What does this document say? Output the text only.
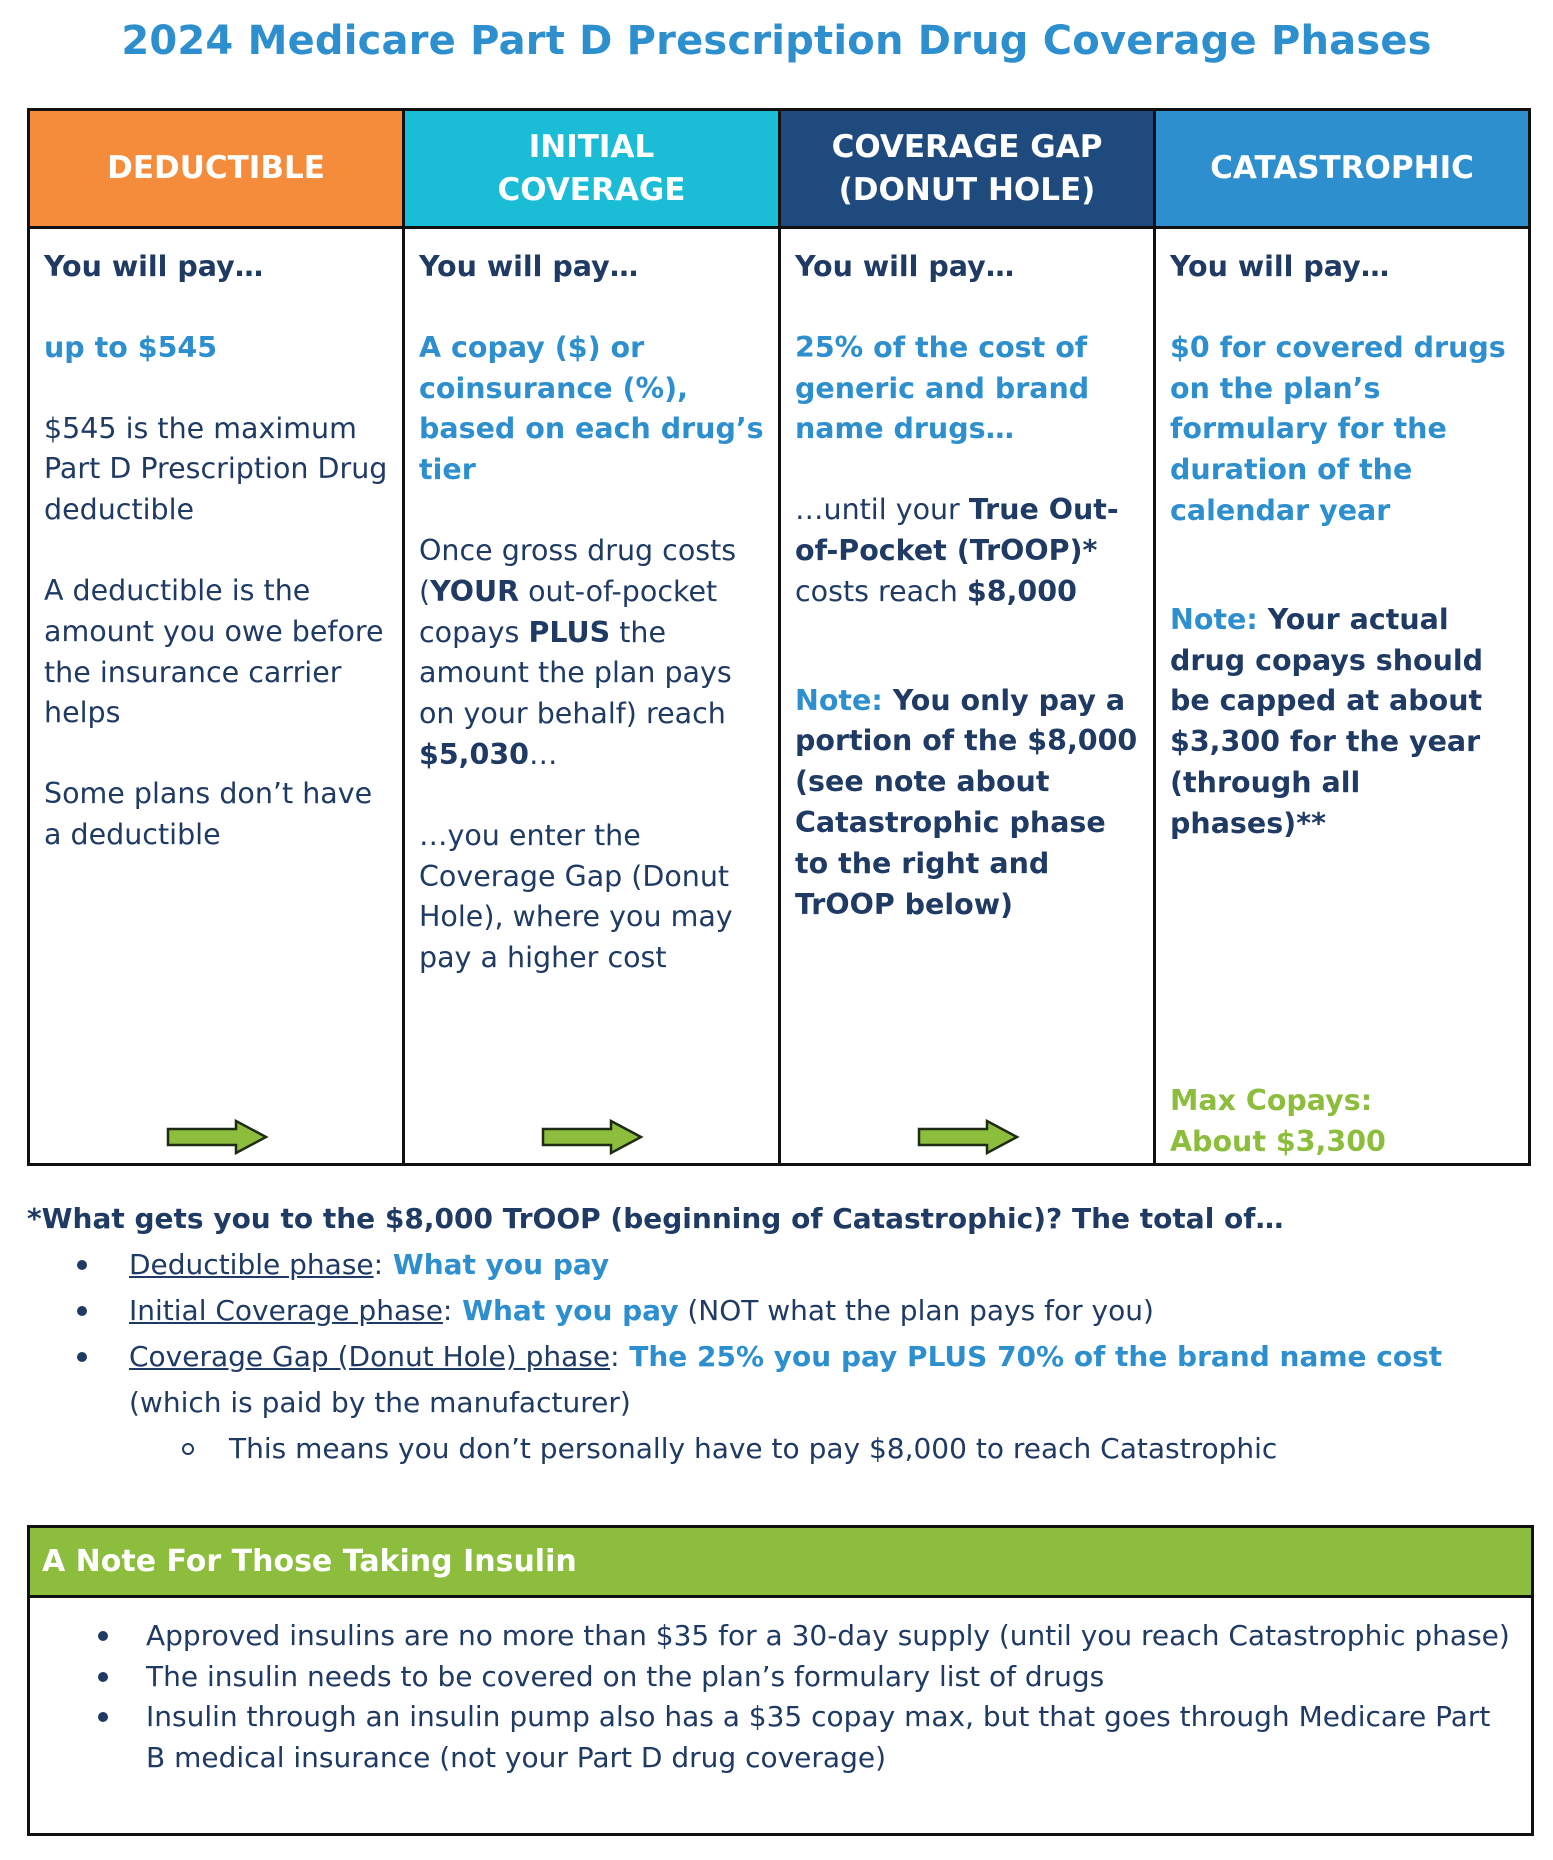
2024 Medicare Part D Prescription Drug Coverage Phases
DEDUCTIBLE
INITIAL COVERAGE
COVERAGE GAP (DONUT HOLE)
CATASTROPHIC
You will pay…
up to $545
$545 is the maximum Part D Prescription Drug deductible
A deductible is the amount you owe before the insurance carrier helps
Some plans don’t have a deductible
You will pay…
A copay ($) or coinsurance (%), based on each drug’s tier
Once gross drug costs (YOUR out-of-pocket copays PLUS the amount the plan pays on your behalf) reach $5,030…
…you enter the Coverage Gap (Donut Hole), where you may pay a higher cost
You will pay…
25% of the cost of generic and brand name drugs…
…until your True Out-of-Pocket (TrOOP)* costs reach $8,000
Note: You only pay a portion of the $8,000 (see note about Catastrophic phase to the right and TrOOP below)
You will pay…
$0 for covered drugs on the plan’s formulary for the duration of the calendar year
Note: Your actual drug copays should be capped at about $3,300 for the year (through all phases)**
Max Copays:
About $3,300
*What gets you to the $8,000 TrOOP (beginning of Catastrophic)? The total of…
Deductible phase: What you pay
Initial Coverage phase: What you pay (NOT what the plan pays for you)
Coverage Gap (Donut Hole) phase: The 25% you pay PLUS 70% of the brand name cost (which is paid by the manufacturer)
This means you don’t personally have to pay $8,000 to reach Catastrophic
A Note For Those Taking Insulin
Approved insulins are no more than $35 for a 30-day supply (until you reach Catastrophic phase)
The insulin needs to be covered on the plan’s formulary list of drugs
Insulin through an insulin pump also has a $35 copay max, but that goes through Medicare Part B medical insurance (not your Part D drug coverage)
